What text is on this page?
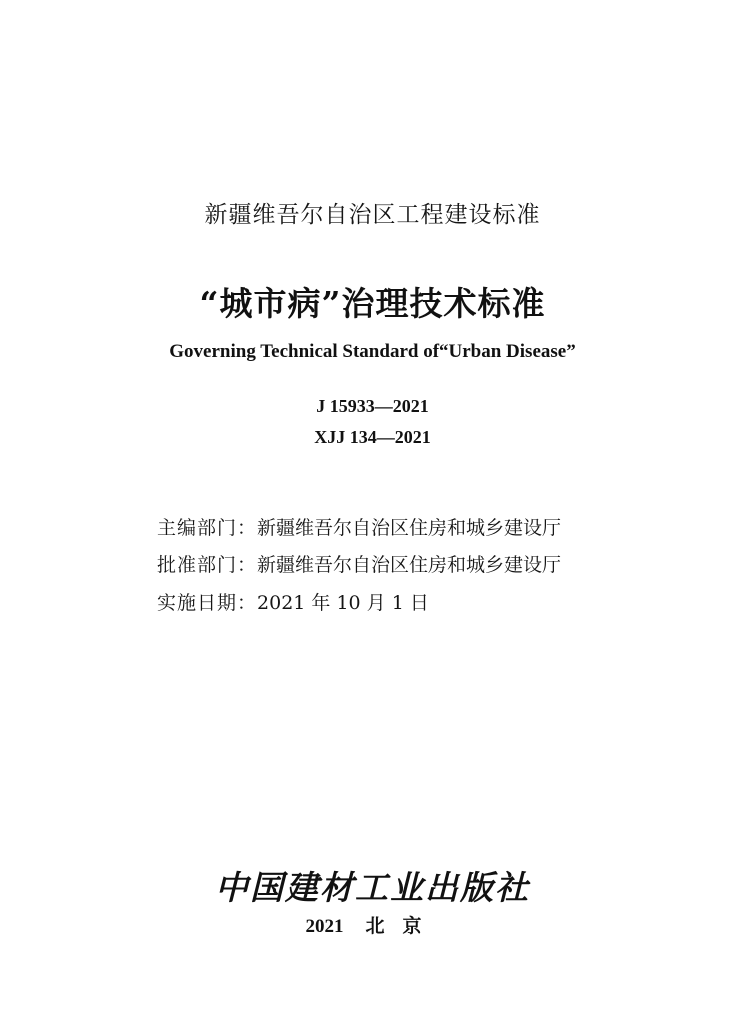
新疆维吾尔自治区工程建设标准
“城市病”治理技术标准
Governing Technical Standard of“Urban Disease”
J 15933—2021
XJJ 134—2021
主编部门：新疆维吾尔自治区住房和城乡建设厅
批准部门：新疆维吾尔自治区住房和城乡建设厅
实施日期：2021 年 10 月 1 日
中国建材工业出版社
2021 北京
